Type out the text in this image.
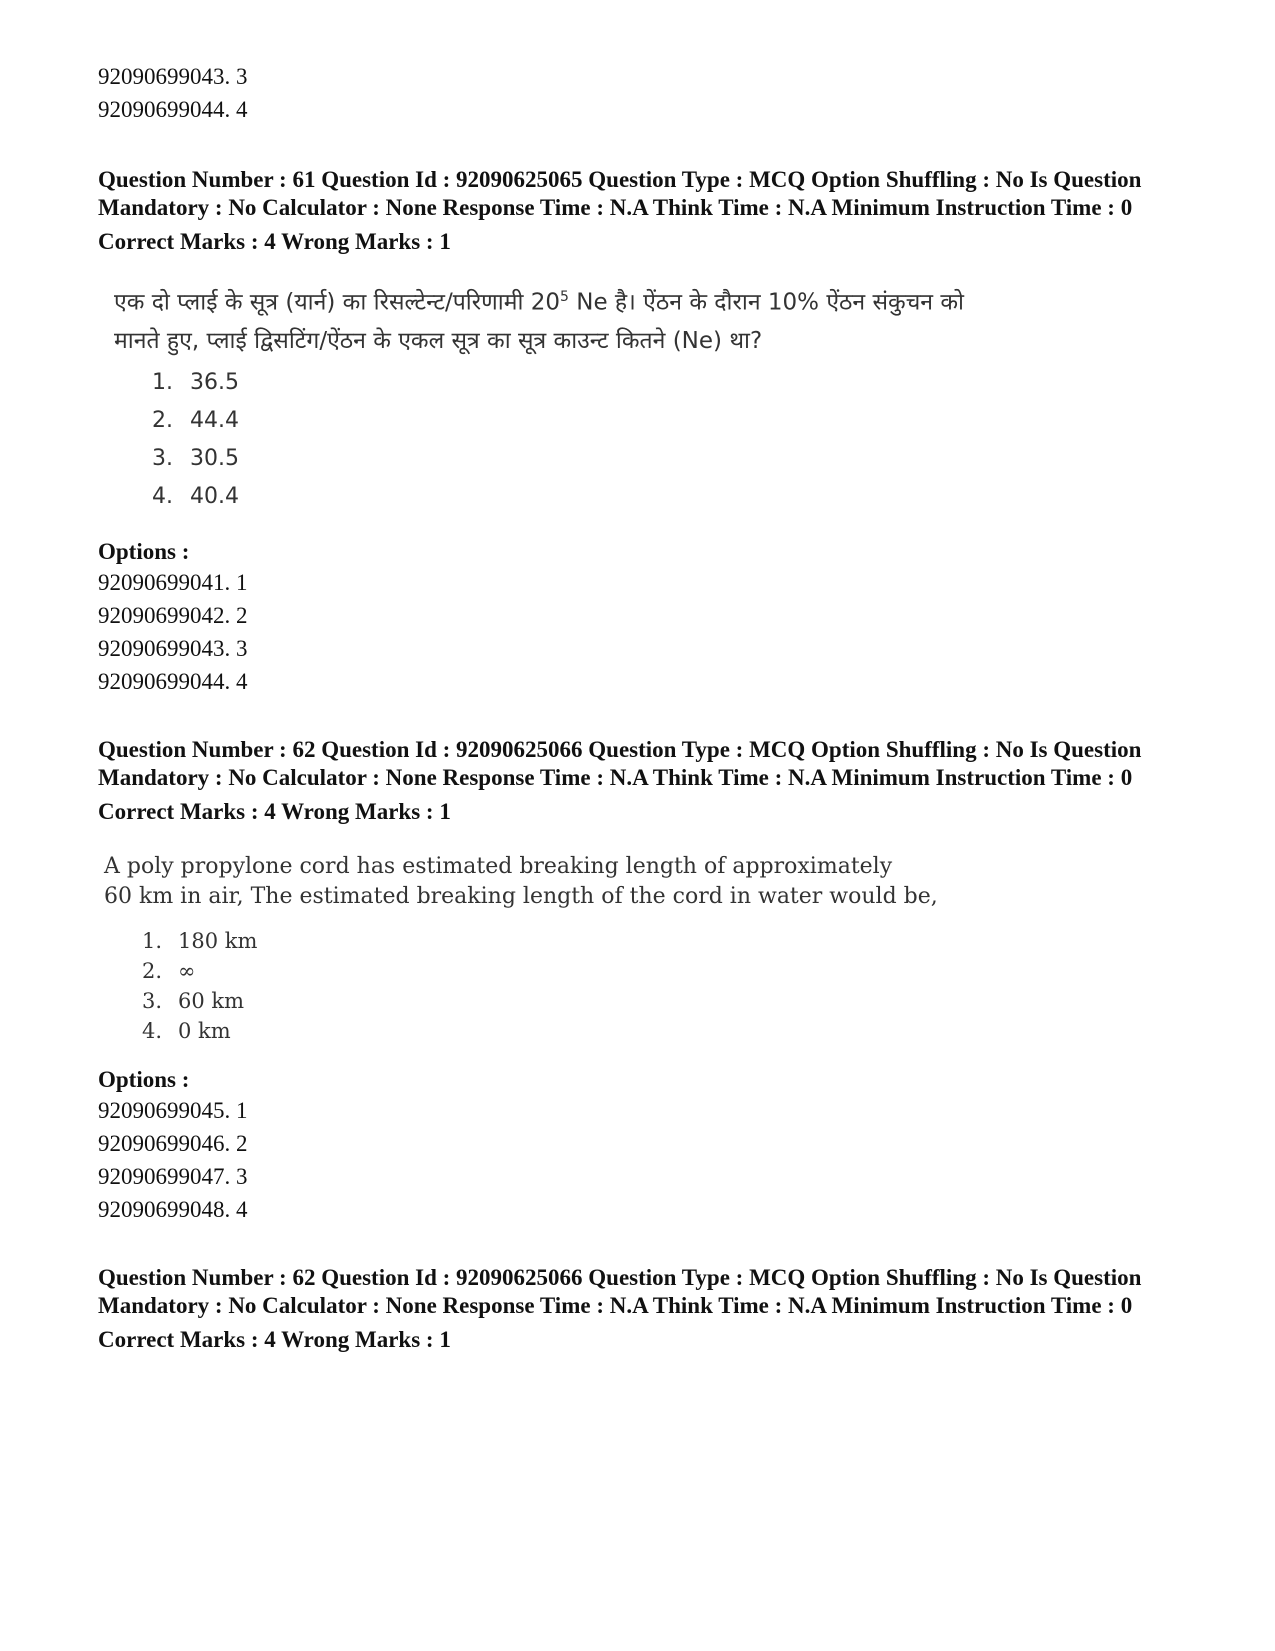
92090699043. 3
92090699044. 4
Question Number : 61 Question Id : 92090625065 Question Type : MCQ Option Shuffling : No Is Question Mandatory : No Calculator : None Response Time : N.A Think Time : N.A Minimum Instruction Time : 0
Correct Marks : 4 Wrong Marks : 1
एक दो प्लाई के सूत्र (यार्न) का रिसल्टेन्ट/परिणामी $20^5$ Ne है। ऐंठन के दौरान 10% ऐंठन संकुचन को मानते हुए, प्लाई द्विसटिंग/ऐंठन के एकल सूत्र का सूत्र काउन्ट कितने (Ne) था?
1. 36.5
2. 44.4
3. 30.5
4. 40.4
Options :
92090699041. 1
92090699042. 2
92090699043. 3
92090699044. 4
Question Number : 62 Question Id : 92090625066 Question Type : MCQ Option Shuffling : No Is Question Mandatory : No Calculator : None Response Time : N.A Think Time : N.A Minimum Instruction Time : 0
Correct Marks : 4 Wrong Marks : 1
A poly propylone cord has estimated breaking length of approximately
60 km in air, The estimated breaking length of the cord in water would be,
1. 180 km
2. ∞
3. 60 km
4. 0 km
Options :
92090699045. 1
92090699046. 2
92090699047. 3
92090699048. 4
Question Number : 62 Question Id : 92090625066 Question Type : MCQ Option Shuffling : No Is Question Mandatory : No Calculator : None Response Time : N.A Think Time : N.A Minimum Instruction Time : 0
Correct Marks : 4 Wrong Marks : 1
